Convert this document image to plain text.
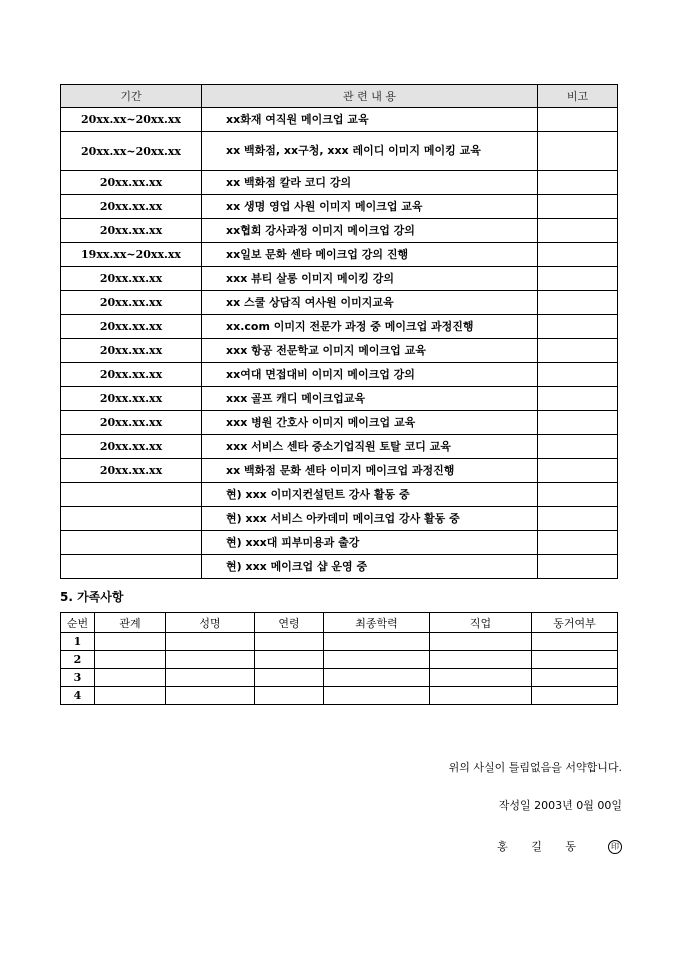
기간	관 련 내 용	비고
20xx.xx~20xx.xx	xx화재 여직원 메이크업 교육	
20xx.xx~20xx.xx	xx 백화점, xx구청, xxx 레이디 이미지 메이킹 교육	
20xx.xx.xx	xx 백화점 칼라 코디 강의	
20xx.xx.xx	xx 생명 영업 사원 이미지 메이크업 교육	
20xx.xx.xx	xx협회 강사과정 이미지 메이크업 강의	
19xx.xx~20xx.xx	xx일보 문화 센타 메이크업 강의 진행	
20xx.xx.xx	xxx 뷰티 살롱 이미지 메이킹 강의	
20xx.xx.xx	xx 스쿨 상담직 여사원 이미지교육	
20xx.xx.xx	xx.com 이미지 전문가 과정 중 메이크업 과정진행	
20xx.xx.xx	xxx 항공 전문학교 이미지 메이크업 교육	
20xx.xx.xx	xx여대 면접대비 이미지 메이크업 강의	
20xx.xx.xx	xxx 골프 캐디 메이크업교육	
20xx.xx.xx	xxx 병원 간호사 이미지 메이크업 교육	
20xx.xx.xx	xxx 서비스 센타 중소기업직원 토탈 코디 교육	
20xx.xx.xx	xx 백화점 문화 센타 이미지 메이크업 과정진행	
	현) xxx 이미지컨설턴트 강사 활동 중	
	현) xxx 서비스 아카데미 메이크업 강사 활동 중	
	현) xxx대 피부미용과 출강	
	현) xxx 메이크업 샵 운영 중	
5. 가족사항
순번	관계	성명	연령	최종학력	직업	동거여부
1						
2						
3						
4						
위의 사실이 틀림없음을 서약합니다.
작성일 2003년 0월 00일
홍 길 동	印
